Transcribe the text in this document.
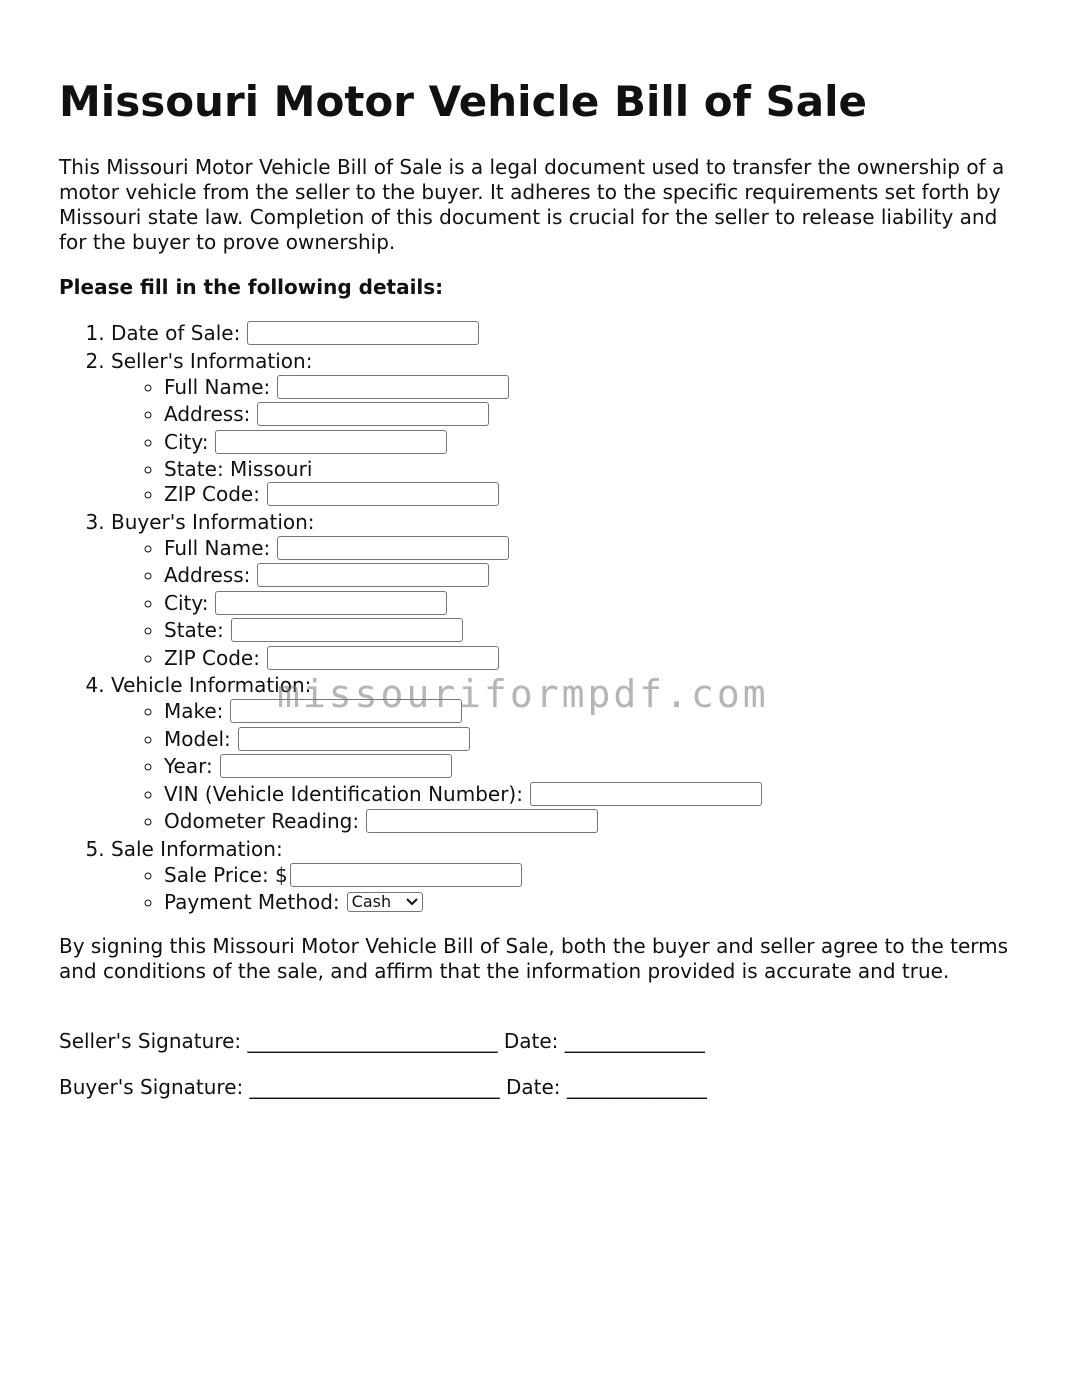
Missouri Motor Vehicle Bill of Sale

This Missouri Motor Vehicle Bill of Sale is a legal document used to transfer the ownership of a motor vehicle from the seller to the buyer. It adheres to the specific requirements set forth by Missouri state law. Completion of this document is crucial for the seller to release liability and for the buyer to prove ownership.

Please fill in the following details:

1. Date of Sale:
2. Seller's Information:
◦ Full Name:
◦ Address:
◦ City:
◦ State: Missouri
◦ ZIP Code:
3. Buyer's Information:
◦ Full Name:
◦ Address:
◦ City:
◦ State:
◦ ZIP Code:
4. Vehicle Information:
◦ Make:
◦ Model:
◦ Year:
◦ VIN (Vehicle Identification Number):
◦ Odometer Reading:
5. Sale Information:
◦ Sale Price: $
◦ Payment Method: Cash

By signing this Missouri Motor Vehicle Bill of Sale, both the buyer and seller agree to the terms and conditions of the sale, and affirm that the information provided is accurate and true.

Seller's Signature: _________________________ Date: ______________

Buyer's Signature: _________________________ Date: ______________

missouriformpdf.com
